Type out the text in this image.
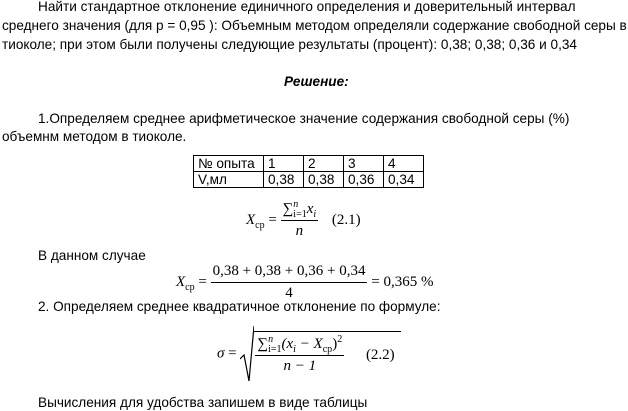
Найти стандартное отклонение единичного определения и доверительный интервал
среднего значения (для р = 0,95 ): Объемным методом определяли содержание свободной серы в
тиоколе; при этом были получены следующие результаты (процент): 0,38; 0,38; 0,36 и 0,34
Решение:
1.Определяем среднее арифметическое значение содержания свободной серы (%)
объемнм методом в тиоколе.
№ опыта	1	2	3	4
V,мл	0,38	0,38	0,36	0,34
$X_{ср} = \frac{\sum^n_{i=1}x_i}{n} (2.1)$
В данном случае
$X_{ср} = \frac{0,38 + 0,38 + 0,36 + 0,34}{4} = 0,365$ %
2. Определяем среднее квадратичное отклонение по формуле:
$\sigma = \frac{\sum^n_{i=1}(x_i - X_{ср})^2}{n - 1} (2.2)$
Вычисления для удобства запишем в виде таблицы
